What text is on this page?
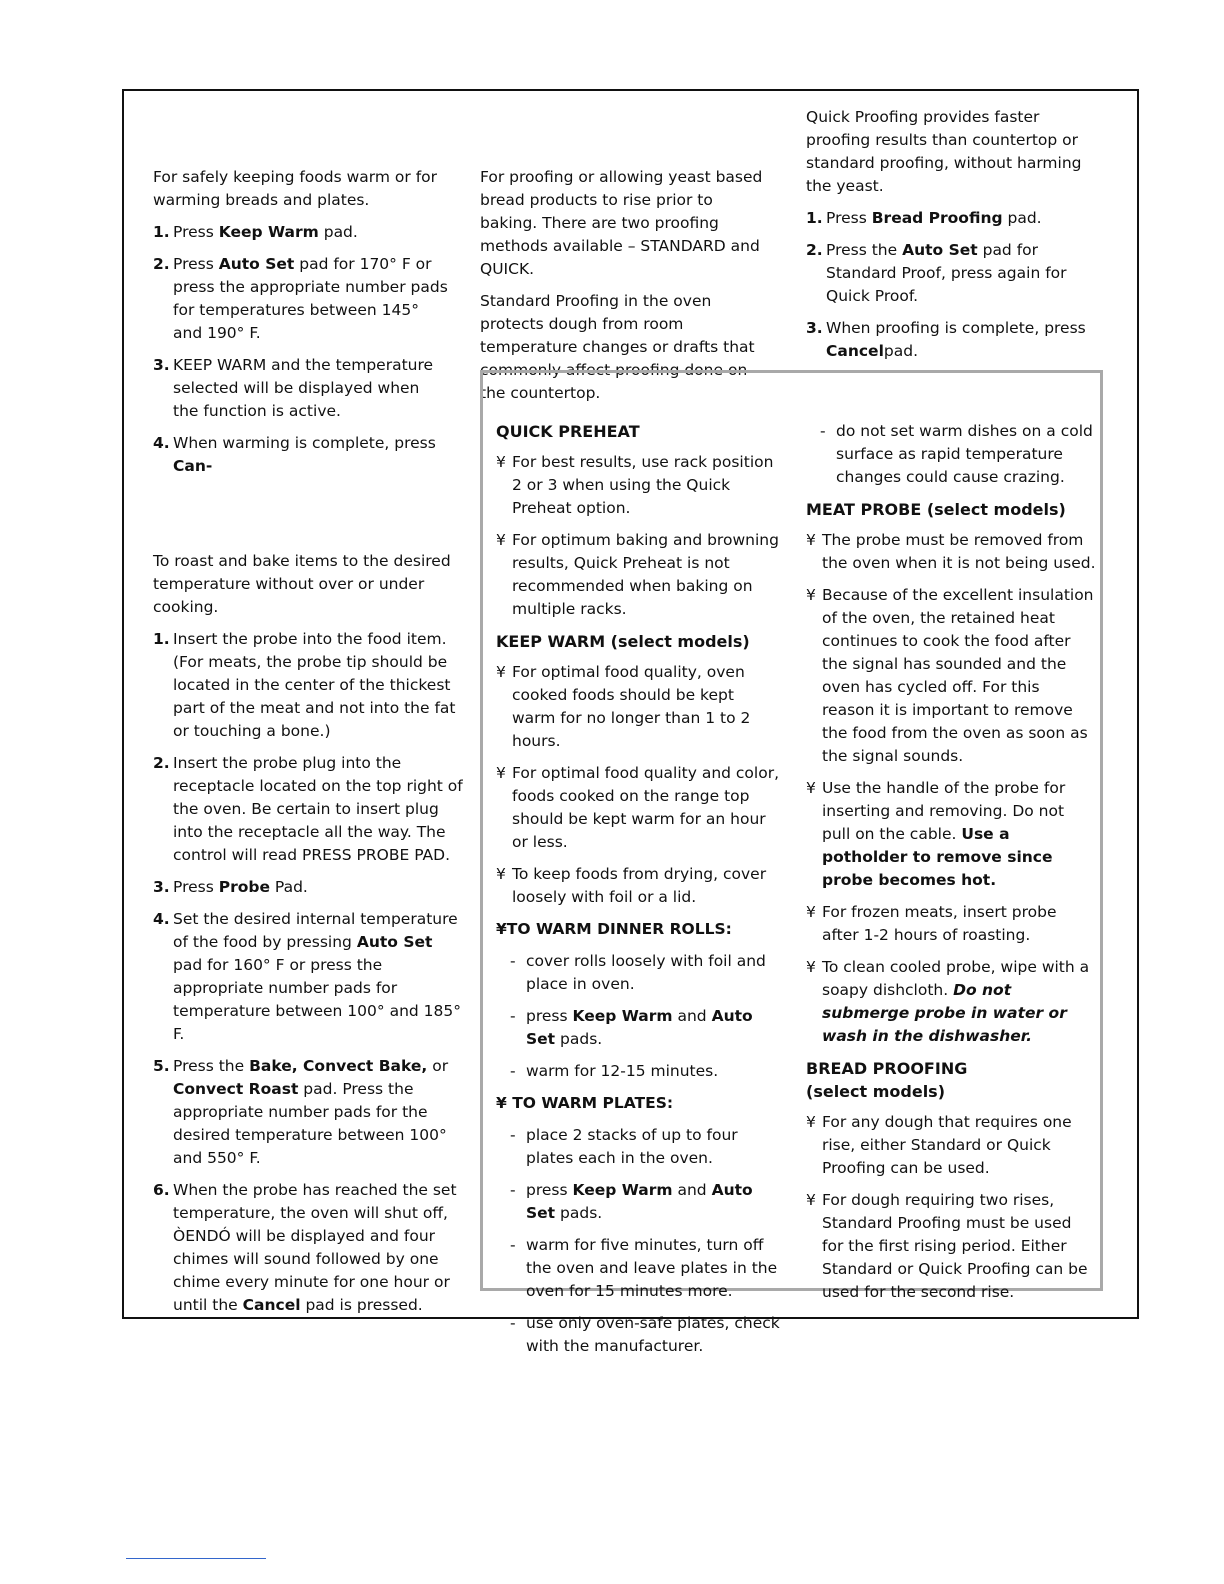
For safely keeping foods warm or for warming breads and plates.

1. Press Keep Warm pad.
2. Press Auto Set pad for 170° F or press the appropriate number pads for temperatures between 145° and 190° F.
3. KEEP WARM and the temperature selected will be displayed when the function is active.
4. When warming is complete, press Can-

To roast and bake items to the desired temperature without over or under cooking.

1. Insert the probe into the food item. (For meats, the probe tip should be located in the center of the thickest part of the meat and not into the fat or touching a bone.)
2. Insert the probe plug into the receptacle located on the top right of the oven. Be certain to insert plug into the receptacle all the way. The control will read PRESS PROBE PAD.
3. Press Probe Pad.
4. Set the desired internal temperature of the food by pressing Auto Set pad for 160° F or press the appropriate number pads for temperature between 100° and 185° F.
5. Press the Bake, Convect Bake, or Convect Roast pad. Press the appropriate number pads for the desired temperature between 100° and 550° F.
6. When the probe has reached the set temperature, the oven will shut off, ÒENDÓ will be displayed and four chimes will sound followed by one chime every minute for one hour or until the Cancel pad is pressed.

For proofing or allowing yeast based bread products to rise prior to baking. There are two proofing methods available – STANDARD and QUICK.

Standard Proofing in the oven protects dough from room temperature changes or drafts that commonly affect proofing done on the countertop.

Quick Proofing provides faster proofing results than countertop or standard proofing, without harming the yeast.

1. Press Bread Proofing pad.
2. Press the Auto Set pad for Standard Proof, press again for Quick Proof.
3. When proofing is complete, press Cancelpad.
QUICK PREHEAT
¥ For best results, use rack position 2 or 3 when using the Quick Preheat option.
¥ For optimum baking and browning results, Quick Preheat is not recommended when baking on multiple racks.
KEEP WARM (select models)
¥ For optimal food quality, oven cooked foods should be kept warm for no longer than 1 to 2 hours.
¥ For optimal food quality and color, foods cooked on the range top should be kept warm for an hour or less.
¥ To keep foods from drying, cover loosely with foil or a lid.
¥TO WARM DINNER ROLLS:
- cover rolls loosely with foil and place in oven.
- press Keep Warm and Auto Set pads.
- warm for 12-15 minutes.
¥ TO WARM PLATES:
- place 2 stacks of up to four plates each in the oven.
- press Keep Warm and Auto Set pads.
- warm for five minutes, turn off the oven and leave plates in the oven for 15 minutes more.
- use only oven-safe plates, check with the manufacturer.
- do not set warm dishes on a cold surface as rapid temperature changes could cause crazing.
MEAT PROBE (select models)
¥ The probe must be removed from the oven when it is not being used.
¥ Because of the excellent insulation of the oven, the retained heat continues to cook the food after the signal has sounded and the oven has cycled off. For this reason it is important to remove the food from the oven as soon as the signal sounds.
¥ Use the handle of the probe for inserting and removing. Do not pull on the cable. Use a potholder to remove since probe becomes hot.
¥ For frozen meats, insert probe after 1-2 hours of roasting.
¥ To clean cooled probe, wipe with a soapy dishcloth. Do not submerge probe in water or wash in the dishwasher.
BREAD PROOFING
(select models)
¥ For any dough that requires one rise, either Standard or Quick Proofing can be used.
¥ For dough requiring two rises, Standard Proofing must be used for the first rising period. Either Standard or Quick Proofing can be used for the second rise.
